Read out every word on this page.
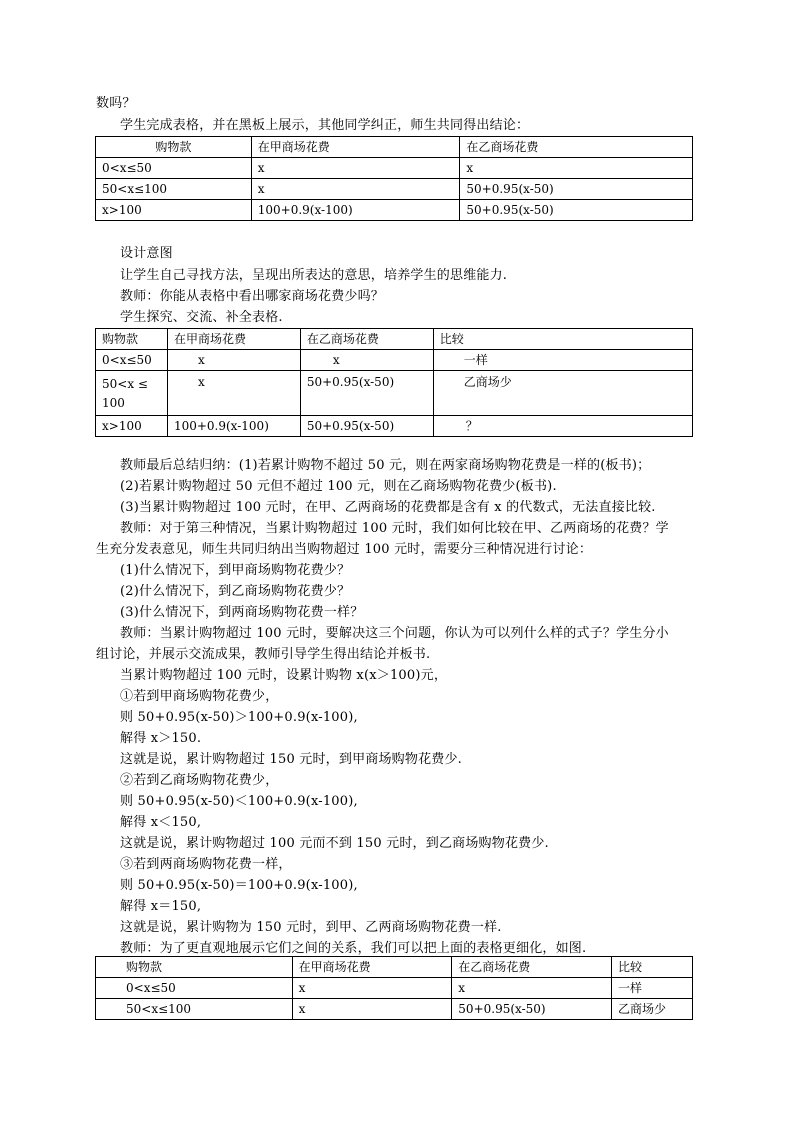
数吗？
学生完成表格，并在黑板上展示，其他同学纠正，师生共同得出结论：
购物款	在甲商场花费	在乙商场花费
0<x≤50	x	x
50<x≤100	x	50+0.95(x-50)
x>100	100+0.9(x-100)	50+0.95(x-50)
设计意图
让学生自己寻找方法，呈现出所表达的意思，培养学生的思维能力.
教师：你能从表格中看出哪家商场花费少吗？
学生探究、交流、补全表格.
购物款	在甲商场花费	在乙商场花费	比较
0<x≤50	x	x	一样
50<x ≤
100	x	50+0.95(x-50)	乙商场少
x>100	100+0.9(x-100)	50+0.95(x-50)	？
教师最后总结归纳：(1)若累计购物不超过 50 元，则在两家商场购物花费是一样的(板书)；
(2)若累计购物超过 50 元但不超过 100 元，则在乙商场购物花费少(板书).
(3)当累计购物超过 100 元时，在甲、乙两商场的花费都是含有 x 的代数式，无法直接比较.
教师：对于第三种情况，当累计购物超过 100 元时，我们如何比较在甲、乙两商场的花费？学
生充分发表意见，师生共同归纳出当购物超过 100 元时，需要分三种情况进行讨论：
(1)什么情况下，到甲商场购物花费少？
(2)什么情况下，到乙商场购物花费少？
(3)什么情况下，到两商场购物花费一样？
教师：当累计购物超过 100 元时，要解决这三个问题，你认为可以列什么样的式子？学生分小
组讨论，并展示交流成果，教师引导学生得出结论并板书.
当累计购物超过 100 元时，设累计购物 x(x＞100)元，
①若到甲商场购物花费少，
则 50+0.95(x-50)＞100+0.9(x-100),
解得 x＞150.
这就是说，累计购物超过 150 元时，到甲商场购物花费少.
②若到乙商场购物花费少，
则 50+0.95(x-50)＜100+0.9(x-100),
解得 x＜150,
这就是说，累计购物超过 100 元而不到 150 元时，到乙商场购物花费少.
③若到两商场购物花费一样，
则 50+0.95(x-50)＝100+0.9(x-100),
解得 x＝150,
这就是说，累计购物为 150 元时，到甲、乙两商场购物花费一样.
教师：为了更直观地展示它们之间的关系，我们可以把上面的表格更细化，如图.
购物款	在甲商场花费	在乙商场花费	比较
0<x≤50	x	x	一样
50<x≤100	x	50+0.95(x-50)	乙商场少
